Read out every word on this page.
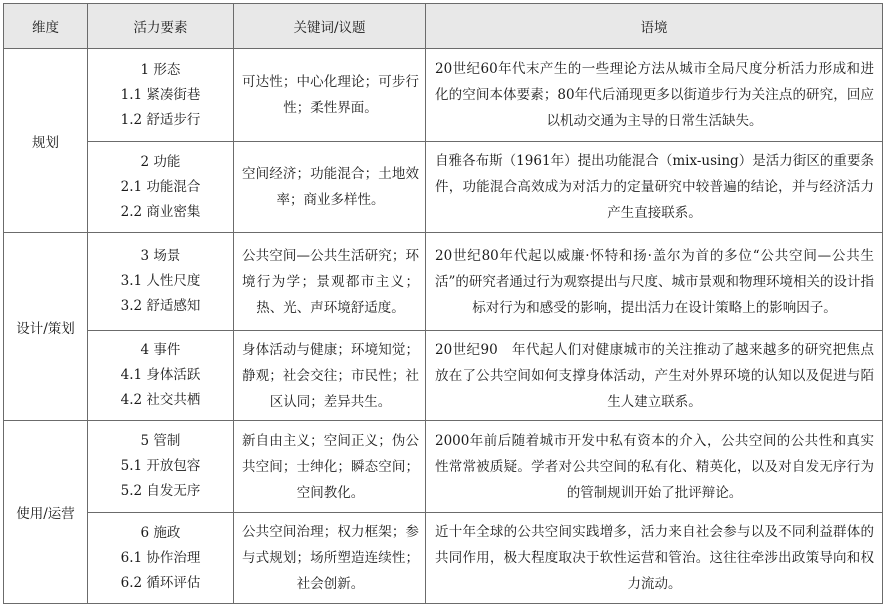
维度	活力要素	关键词/议题	语境
规划	1 形态
1.1 紧凑街巷
1.2 舒适步行	可达性；中心化理论；可步行性；柔性界面。	20世纪60年代末产生的一些理论方法从城市全局尺度分析活力形成和进化的空间本体要素；80年代后涌现更多以街道步行为关注点的研究，回应以机动交通为主导的日常生活缺失。

	2 功能
2.1 功能混合
2.2 商业密集	空间经济；功能混合；土地效率；商业多样性。	自雅各布斯（1961年）提出功能混合（mix-using）是活力街区的重要条件，功能混合高效成为对活力的定量研究中较普遍的结论，并与经济活力产生直接联系。
设计/策划	3 场景
3.1 人性尺度
3.2 舒适感知	公共空间—公共生活研究；环境行为学；景观都市主义；热、光、声环境舒适度。	20世纪80年代起以威廉·怀特和扬·盖尔为首的多位“公共空间—公共生活”的研究者通过行为观察提出与尺度、城市景观和物理环境相关的设计指标对行为和感受的影响，提出活力在设计策略上的影响因子。

	4 事件
4.1 身体活跃
4.2 社交共栖	身体活动与健康；环境知觉；静观；社会交往；市民性；社区认同；差异共生。	20世纪90　年代起人们对健康城市的关注推动了越来越多的研究把焦点放在了公共空间如何支撑身体活动，产生对外界环境的认知以及促进与陌生人建立联系。
使用/运营	5 管制
5.1 开放包容
5.2 自发无序	新自由主义；空间正义；伪公共空间；士绅化；瞬态空间；空间教化。	2000年前后随着城市开发中私有资本的介入，公共空间的公共性和真实性常常被质疑。学者对公共空间的私有化、精英化，以及对自发无序行为的管制规训开始了批评辩论。

	6 施政
6.1 协作治理
6.2 循环评估	公共空间治理；权力框架；参与式规划；场所塑造连续性；社会创新。	近十年全球的公共空间实践增多，活力来自社会参与以及不同利益群体的共同作用，极大程度取决于软性运营和管治。这往往牵涉出政策导向和权力流动。
